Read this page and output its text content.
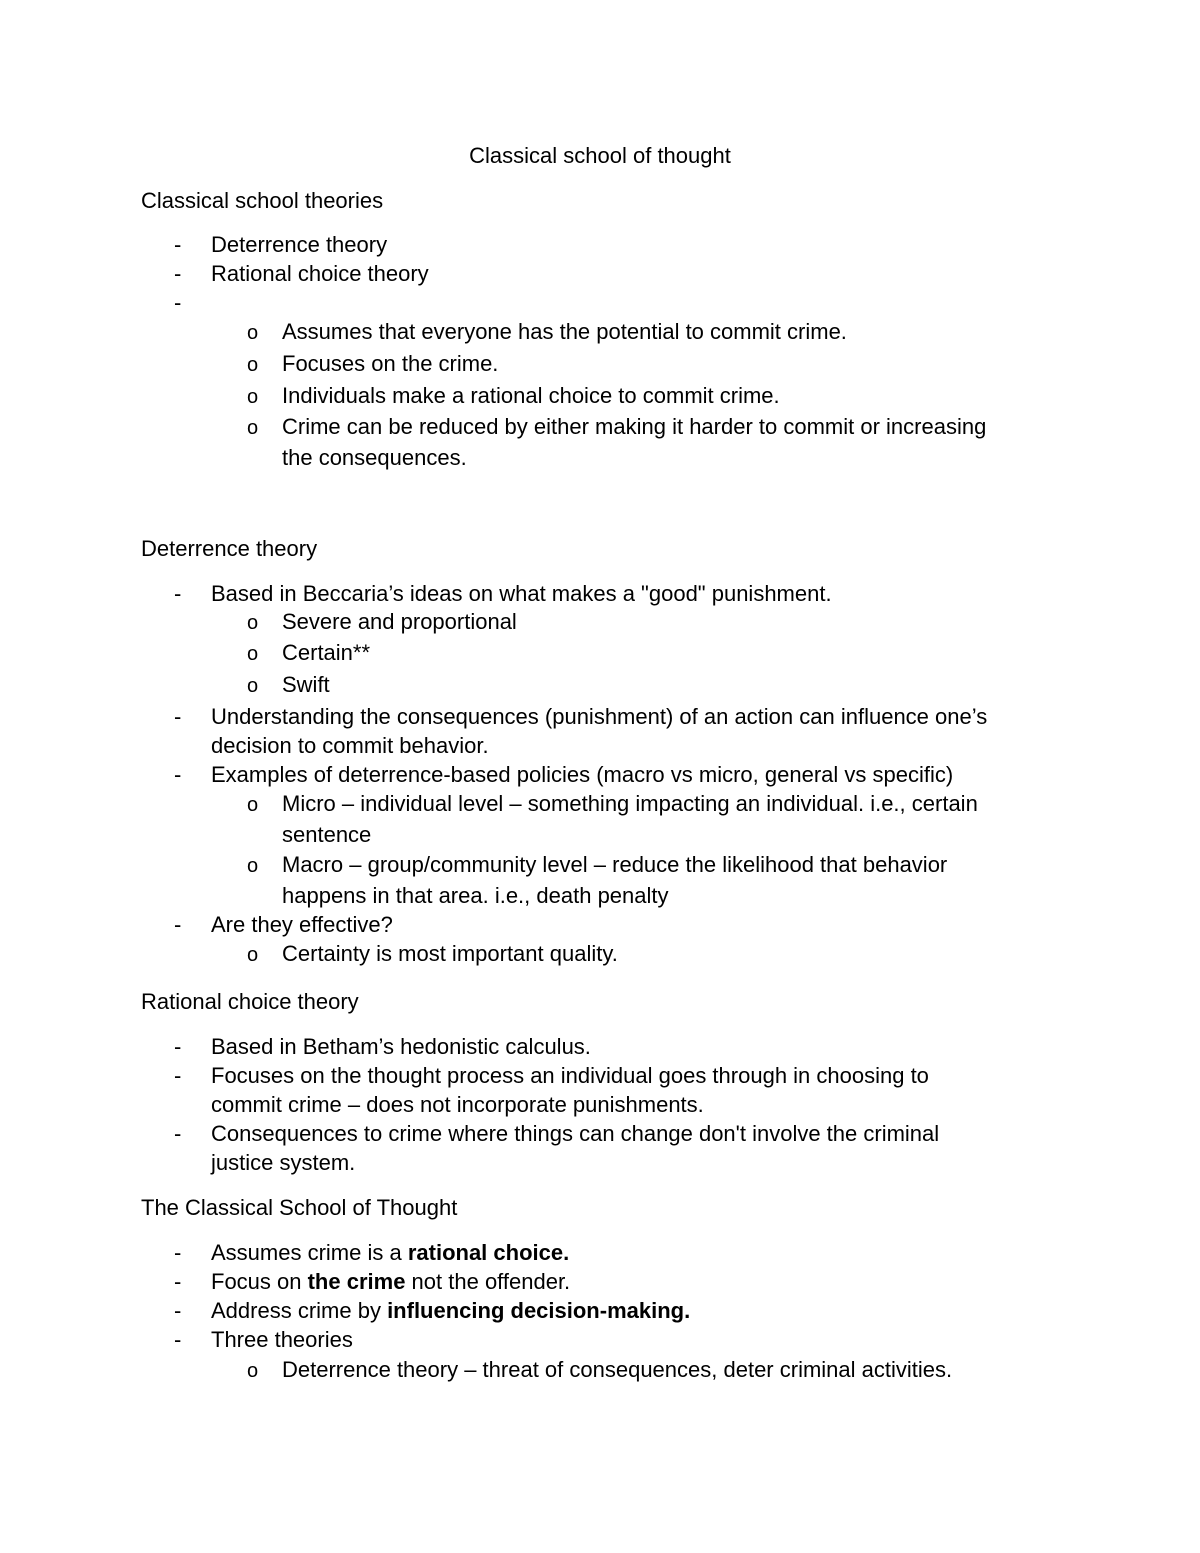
Classical school of thought
Classical school theories
- Deterrence theory
- Rational choice theory
-
o Assumes that everyone has the potential to commit crime.
o Focuses on the crime.
o Individuals make a rational choice to commit crime.
o Crime can be reduced by either making it harder to commit or increasing
the consequences.
Deterrence theory
- Based in Beccaria’s ideas on what makes a "good" punishment.
o Severe and proportional
o Certain**
o Swift
- Understanding the consequences (punishment) of an action can influence one’s
decision to commit behavior.
- Examples of deterrence-based policies (macro vs micro, general vs specific)
o Micro – individual level – something impacting an individual. i.e., certain
sentence
o Macro – group/community level – reduce the likelihood that behavior
happens in that area. i.e., death penalty
- Are they effective?
o Certainty is most important quality.
Rational choice theory
- Based in Betham’s hedonistic calculus.
- Focuses on the thought process an individual goes through in choosing to
commit crime – does not incorporate punishments.
- Consequences to crime where things can change don't involve the criminal
justice system.
The Classical School of Thought
- Assumes crime is a rational choice.
- Focus on the crime not the offender.
- Address crime by influencing decision-making.
- Three theories
o Deterrence theory – threat of consequences, deter criminal activities.
